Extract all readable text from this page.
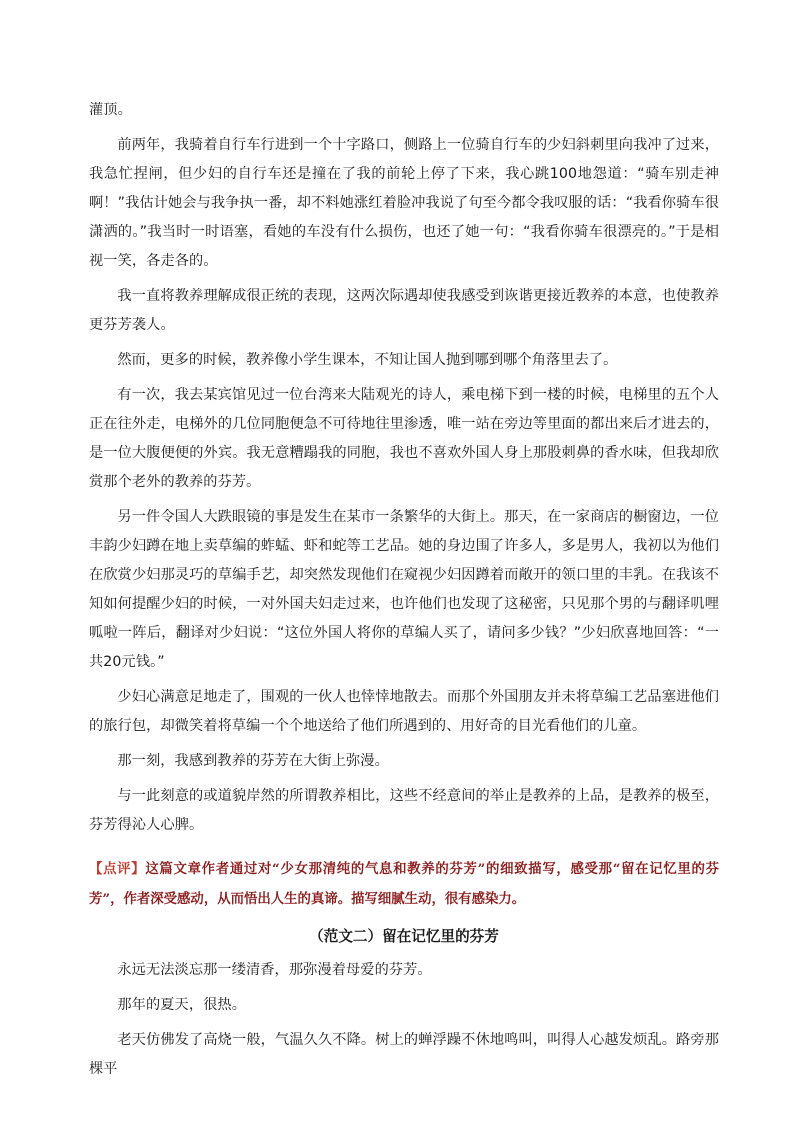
灌顶。

前两年，我骑着自行车行进到一个十字路口，侧路上一位骑自行车的少妇斜刺里向我冲了过来，我急忙捏闸，但少妇的自行车还是撞在了我的前轮上停了下来，我心跳100地怨道：“骑车别走神啊！”我估计她会与我争执一番，却不料她涨红着脸冲我说了句至今都令我叹服的话：“我看你骑车很潇洒的。”我当时一时语塞，看她的车没有什么损伤，也还了她一句：“我看你骑车很漂亮的。”于是相视一笑，各走各的。

我一直将教养理解成很正统的表现，这两次际遇却使我感受到诙谐更接近教养的本意，也使教养更芬芳袭人。

然而，更多的时候，教养像小学生课本，不知让国人抛到哪到哪个角落里去了。

有一次，我去某宾馆见过一位台湾来大陆观光的诗人，乘电梯下到一楼的时候，电梯里的五个人正在往外走，电梯外的几位同胞便急不可待地往里渗透，唯一站在旁边等里面的都出来后才进去的，是一位大腹便便的外宾。我无意糟蹋我的同胞，我也不喜欢外国人身上那股刺鼻的香水味，但我却欣赏那个老外的教养的芬芳。

另一件令国人大跌眼镜的事是发生在某市一条繁华的大街上。那天，在一家商店的橱窗边，一位丰韵少妇蹲在地上卖草编的蚱蜢、虾和蛇等工艺品。她的身边围了许多人，多是男人，我初以为他们在欣赏少妇那灵巧的草编手艺，却突然发现他们在窥视少妇因蹲着而敞开的领口里的丰乳。在我该不知如何提醒少妇的时候，一对外国夫妇走过来，也许他们也发现了这秘密，只见那个男的与翻译叽哩呱啦一阵后，翻译对少妇说：“这位外国人将你的草编人买了，请问多少钱？”少妇欣喜地回答：“一共20元钱。”

少妇心满意足地走了，围观的一伙人也悻悻地散去。而那个外国朋友并未将草编工艺品塞进他们的旅行包，却微笑着将草编一个个地送给了他们所遇到的、用好奇的目光看他们的儿童。

那一刻，我感到教养的芬芳在大街上弥漫。

与一此刻意的或道貌岸然的所谓教养相比，这些不经意间的举止是教养的上品，是教养的极至，芬芳得沁人心脾。

【点评】这篇文章作者通过对“少女那清纯的气息和教养的芬芳”的细致描写，感受那“留在记忆里的芬芳”，作者深受感动，从而悟出人生的真谛。描写细腻生动，很有感染力。
（范文二）留在记忆里的芬芳

永远无法淡忘那一缕清香，那弥漫着母爱的芬芳。

那年的夏天，很热。

老天仿佛发了高烧一般，气温久久不降。树上的蝉浮躁不休地鸣叫，叫得人心越发烦乱。路旁那棵平
